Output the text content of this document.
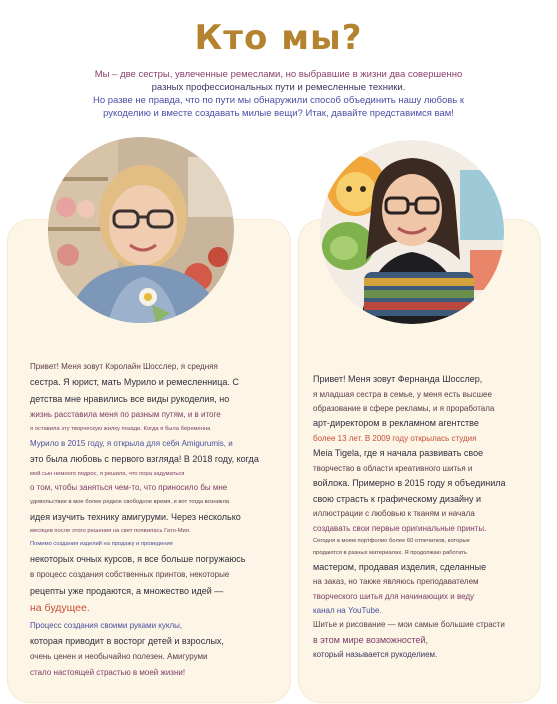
Кто мы?
Мы – две сестры, увлеченные ремеслами, но выбравшие в жизни два совершенно
разных профессиональных пути и ремесленные техники.
Но разве не правда, что по пути мы обнаружили способ объединить нашу любовь к
рукоделию и вместе создавать милые вещи? Итак, давайте представимся вам!

Привет! Меня зовут Кэролайн Шосслер, я средняя

сестра. Я юрист, мать Мурило и ремесленница. С

детства мне нравились все виды рукоделия, но

жизнь расставила меня по разным путям, и в итоге

я оставила эту творческую жилку позади. Когда я была беременна

Мурило в 2015 году, я открыла для себя Amigurumis, и

это была любовь с первого взгляда! В 2018 году, когда

мой сын немного подрос, я решила, что пора задуматься

о том, чтобы заняться чем-то, что приносило бы мне

удовольствие в мое более редкое свободное время, и вот тогда возникла

идея изучить технику амигуруми. Через несколько

месяцев после этого решения на свет появилась Гато-Мия.

Помимо создания изделий на продажу и проведения

некоторых очных курсов, я все больше погружаюсь

в процесс создания собственных принтов, некоторые

рецепты уже продаются, а множество идей —

на будущее.

Процесс создания своими руками куклы,

которая приводит в восторг детей и взрослых,

очень ценен и необычайно полезен. Амигуруми

стало настоящей страстью в моей жизни!

Привет! Меня зовут Фернанда Шосслер,

я младшая сестра в семье, у меня есть высшее

образование в сфере рекламы, и я проработала

арт-директором в рекламном агентстве

более 13 лет. В 2009 году открылась студия

Meia Tigela, где я начала развивать свое

творчество в области креативного шитья и

войлока. Примерно в 2015 году я объединила

свою страсть к графическому дизайну и

иллюстрации с любовью к тканям и начала

создавать свои первые оригинальные принты.

Сегодня в моем портфолио более 60 отпечатков, которые

продаются в разных материалах. Я продолжаю работать

мастером, продавая изделия, сделанные

на заказ, но также являюсь преподавателем

творческого шитья для начинающих и веду

канал на YouTube.

Шитье и рисование — мои самые большие страсти

в этом мире возможностей,

который называется рукоделием.
